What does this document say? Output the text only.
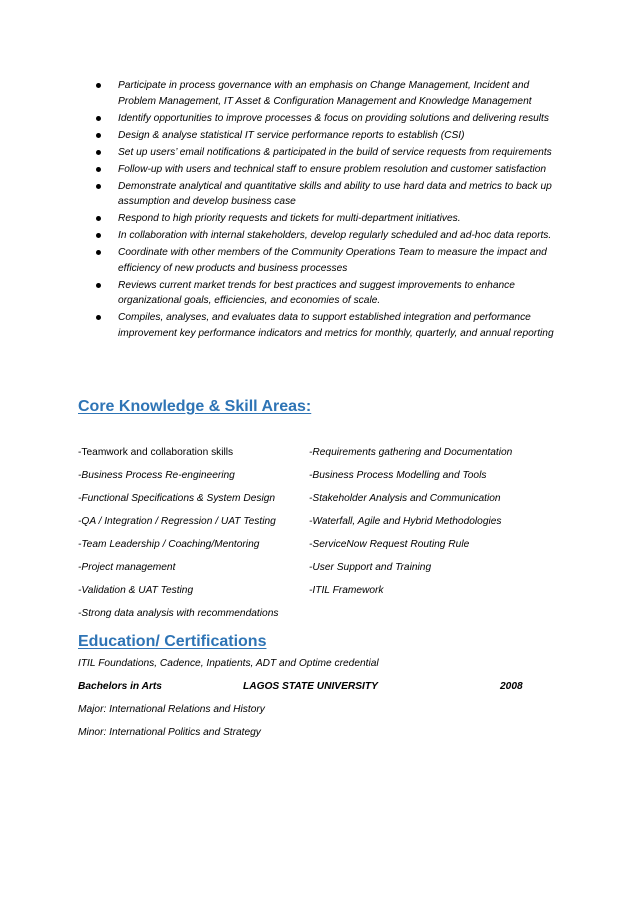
Participate in process governance with an emphasis on Change Management, Incident and Problem Management, IT Asset & Configuration Management and Knowledge Management
Identify opportunities to improve processes & focus on providing solutions and delivering results
Design & analyse statistical IT service performance reports to establish (CSI)
Set up users’ email notifications & participated in the build of service requests from requirements
Follow-up with users and technical staff to ensure problem resolution and customer satisfaction
Demonstrate analytical and quantitative skills and ability to use hard data and metrics to back up assumption and develop business case
Respond to high priority requests and tickets for multi-department initiatives.
In collaboration with internal stakeholders, develop regularly scheduled and ad-hoc data reports.
Coordinate with other members of the Community Operations Team to measure the impact and efficiency of new products and business processes
Reviews current market trends for best practices and suggest improvements to enhance organizational goals, efficiencies, and economies of scale.
Compiles, analyses, and evaluates data to support established integration and performance improvement key performance indicators and metrics for monthly, quarterly, and annual reporting
Core Knowledge & Skill Areas:
-Teamwork and collaboration skills
-Business Process Re-engineering
-Functional Specifications & System Design
-QA / Integration / Regression / UAT Testing
-Team Leadership / Coaching/Mentoring
-Project management
-Validation & UAT Testing
-Strong data analysis with recommendations
-Requirements gathering and Documentation
-Business Process Modelling and Tools
-Stakeholder Analysis and Communication
-Waterfall, Agile and Hybrid Methodologies
-ServiceNow Request Routing Rule
-User Support and Training
-ITIL Framework
Education/ Certifications
ITIL Foundations, Cadence, Inpatients, ADT and Optime credential
Bachelors in Arts	LAGOS STATE UNIVERSITY	2008
Major: International Relations and History
Minor: International Politics and Strategy
